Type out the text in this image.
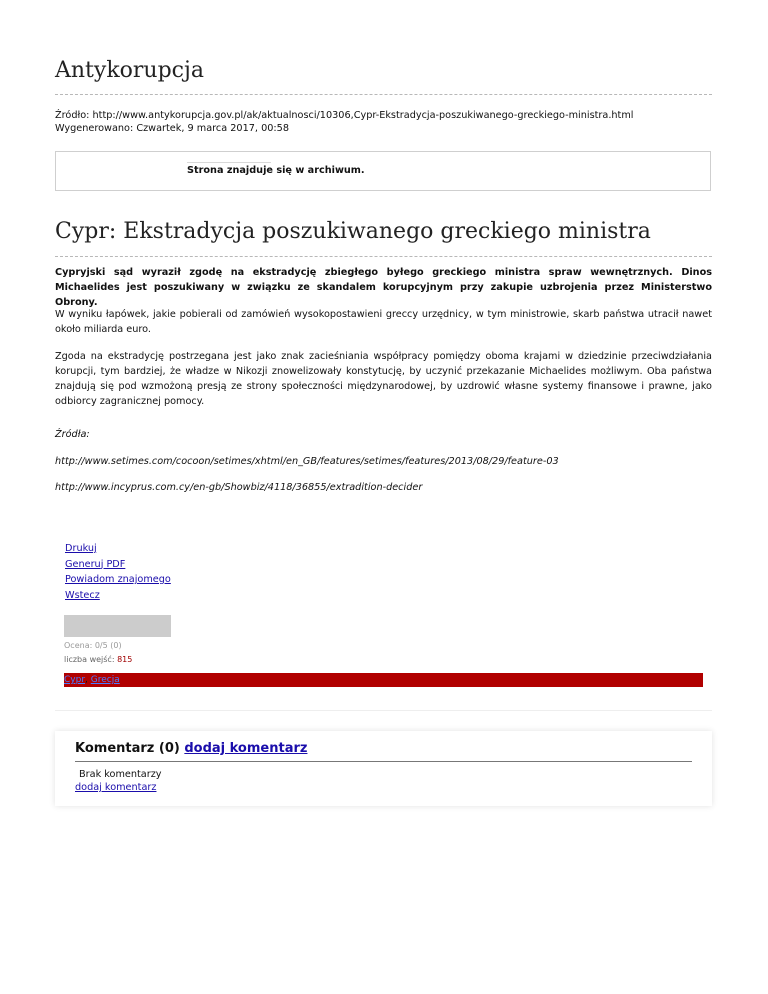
Antykorupcja
Źródło: http://www.antykorupcja.gov.pl/ak/aktualnosci/10306,Cypr-Ekstradycja-poszukiwanego-greckiego-ministra.html
Wygenerowano: Czwartek, 9 marca 2017, 00:58
Strona znajduje się w archiwum.
Cypr: Ekstradycja poszukiwanego greckiego ministra

Cypryjski sąd wyraził zgodę na ekstradycję zbiegłego byłego greckiego ministra spraw wewnętrznych. Dinos Michaelides jest poszukiwany w związku ze skandalem korupcyjnym przy zakupie uzbrojenia przez Ministerstwo Obrony.

W wyniku łapówek, jakie pobierali od zamówień wysokopostawieni greccy urzędnicy, w tym ministrowie, skarb państwa utracił nawet około miliarda euro.

Zgoda na ekstradycję postrzegana jest jako znak zacieśniania współpracy pomiędzy oboma krajami w dziedzinie przeciwdziałania korupcji, tym bardziej, że władze w Nikozji znowelizowały konstytucję, by uczynić przekazanie Michaelides możliwym. Oba państwa znajdują się pod wzmożoną presją ze strony społeczności międzynarodowej, by uzdrowić własne systemy finansowe i prawne, jako odbiorcy zagranicznej pomocy.

Źródła:

http://www.setimes.com/cocoon/setimes/xhtml/en_GB/features/setimes/features/2013/08/29/feature-03

http://www.incyprus.com.cy/en-gb/Showbiz/4118/36855/extradition-decider

Drukuj
Generuj PDF
Powiadom znajomego
Wstecz
Ocena: 0/5 (0)
liczba wejść: 815
Cypr, Grecja
Komentarz (0) dodaj komentarz
Brak komentarzy
dodaj komentarz
